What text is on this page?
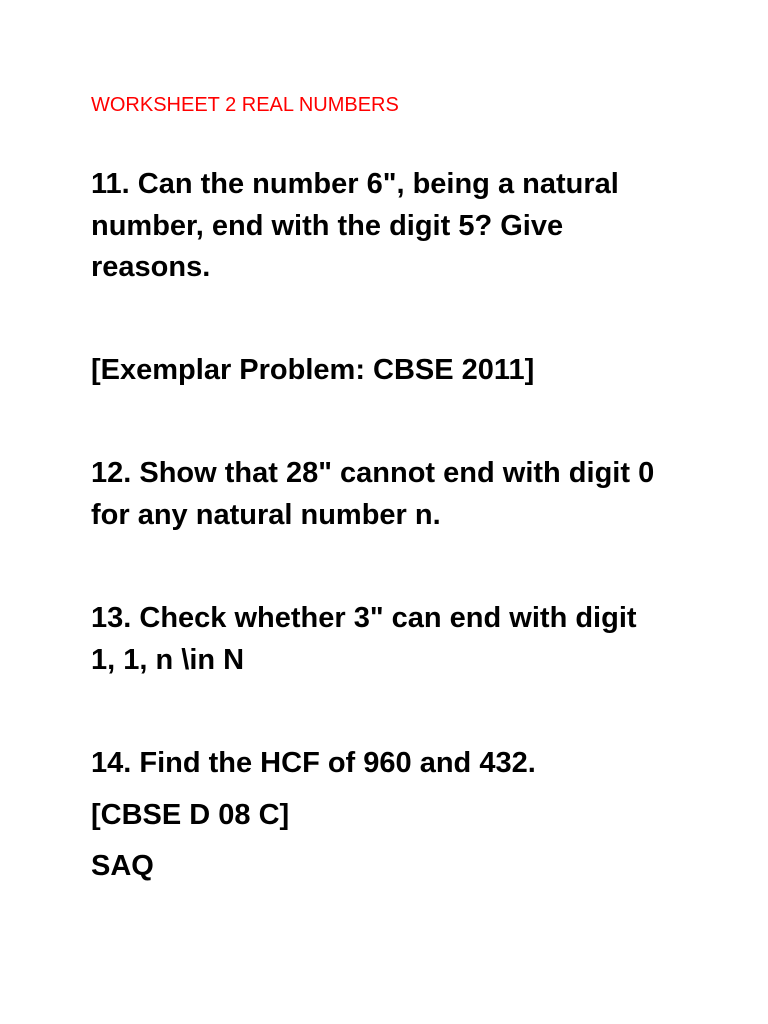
WORKSHEET 2 REAL NUMBERS

11. Can the number 6", being a natural

number, end with the digit 5? Give

reasons.

[Exemplar Problem: CBSE 2011]

12. Show that 28" cannot end with digit 0

for any natural number n.

13. Check whether 3" can end with digit

1, 1, n \in N

14. Find the HCF of 960 and 432.

[CBSE D 08 C]

SAQ
